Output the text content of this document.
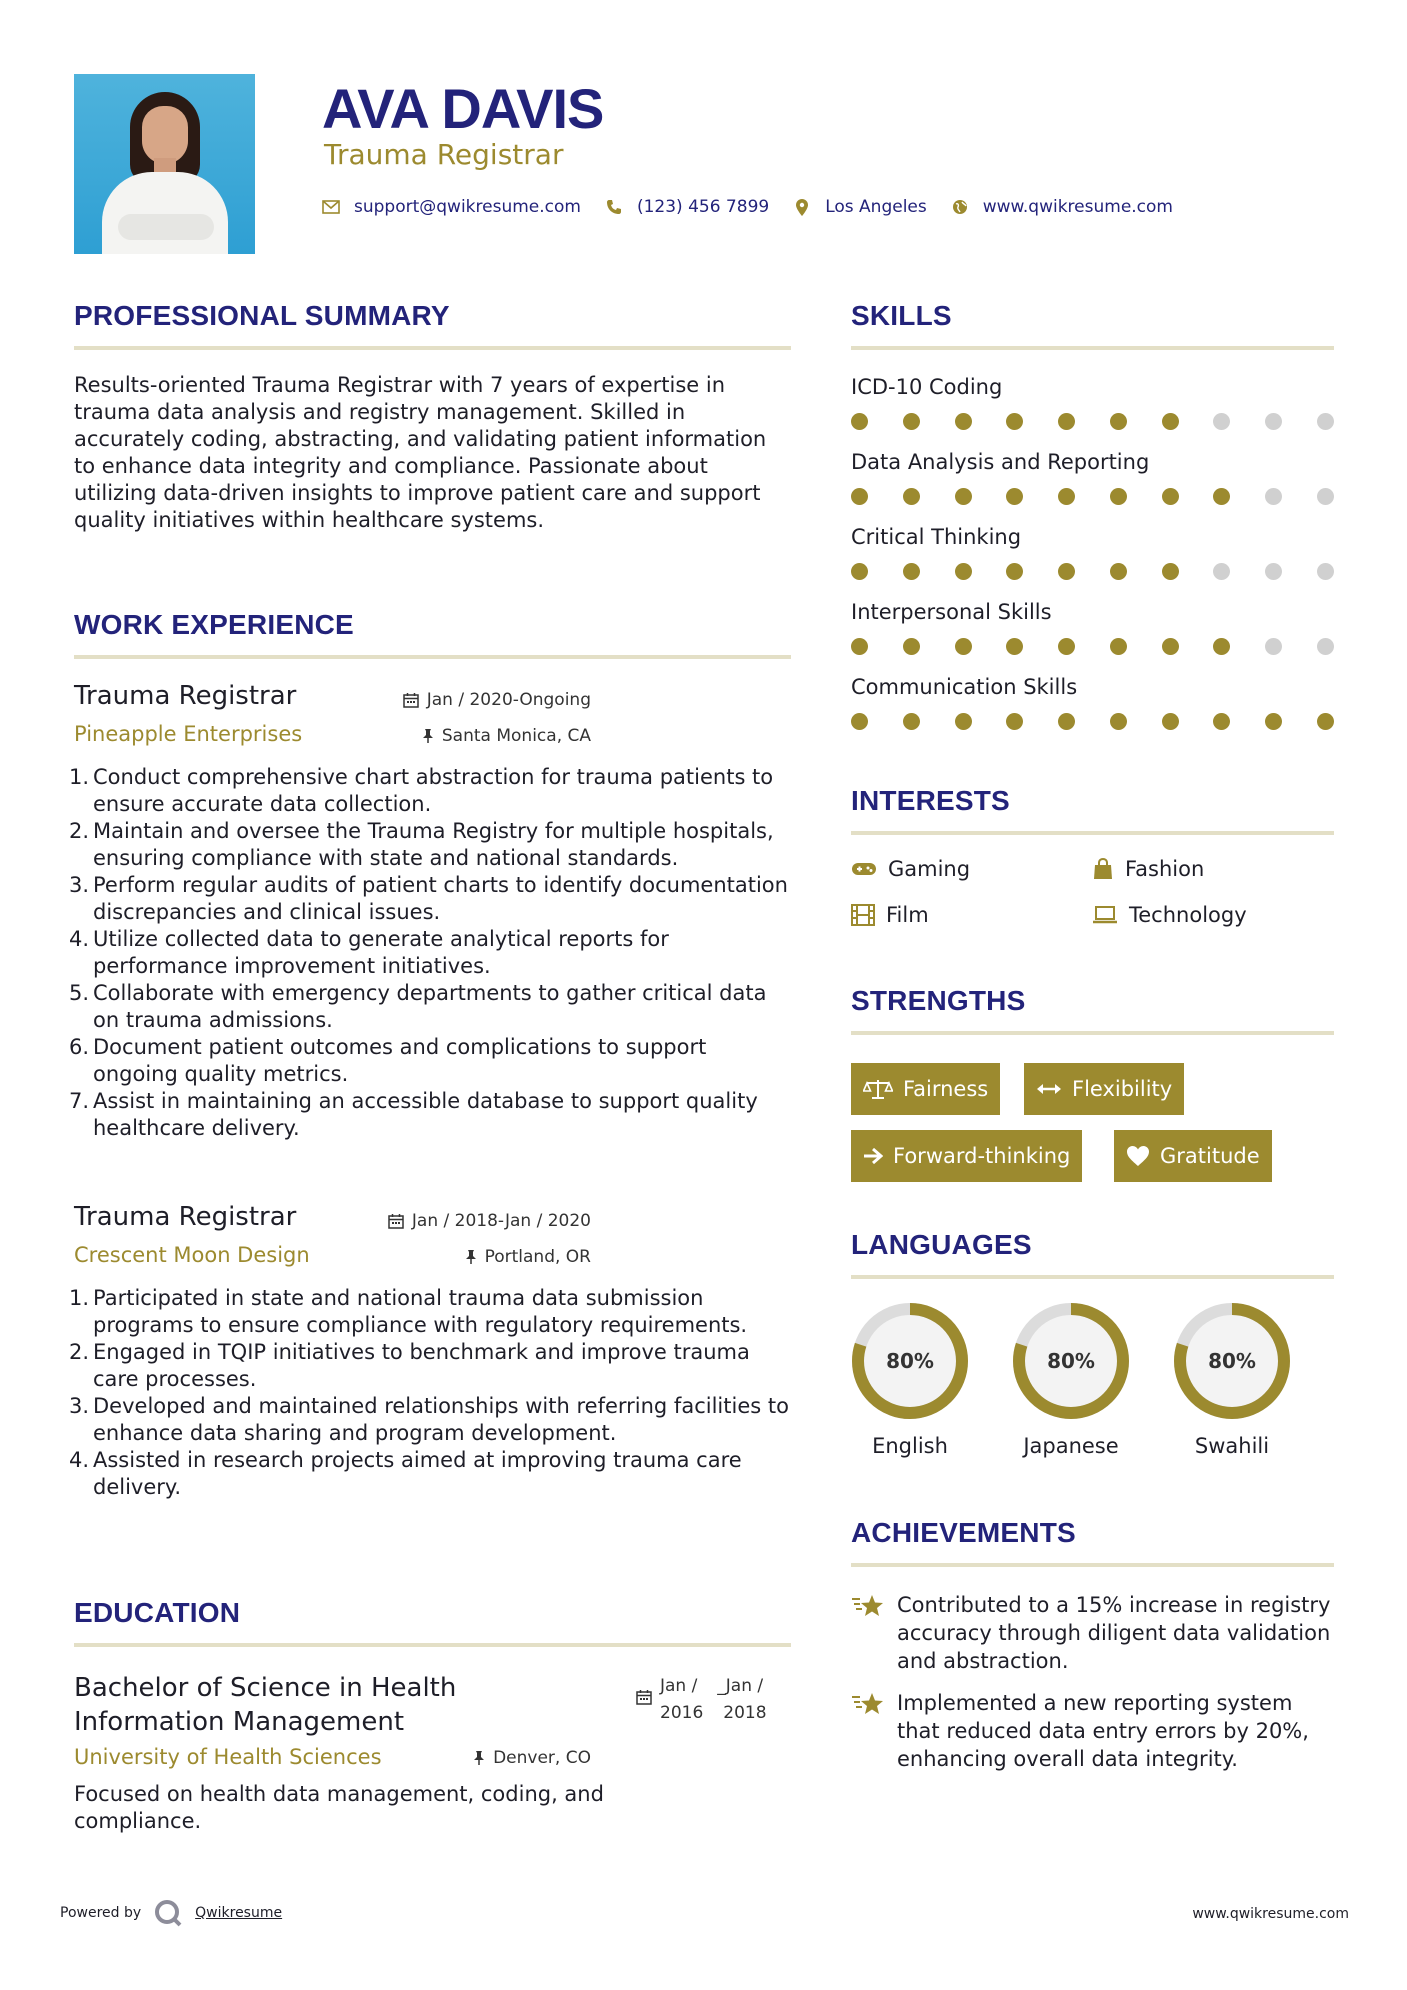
AVA DAVIS
Trauma Registrar
support@qwikresume.com	(123) 456 7899	Los Angeles	www.qwikresume.com
PROFESSIONAL SUMMARY
Results-oriented Trauma Registrar with 7 years of expertise in trauma data analysis and registry management. Skilled in accurately coding, abstracting, and validating patient information to enhance data integrity and compliance. Passionate about utilizing data-driven insights to improve patient care and support quality initiatives within healthcare systems.
WORK EXPERIENCE
Trauma Registrar	Jan / 2020-Ongoing
Pineapple Enterprises	Santa Monica, CA
1. Conduct comprehensive chart abstraction for trauma patients to ensure accurate data collection.
2. Maintain and oversee the Trauma Registry for multiple hospitals, ensuring compliance with state and national standards.
3. Perform regular audits of patient charts to identify documentation discrepancies and clinical issues.
4. Utilize collected data to generate analytical reports for performance improvement initiatives.
5. Collaborate with emergency departments to gather critical data on trauma admissions.
6. Document patient outcomes and complications to support ongoing quality metrics.
7. Assist in maintaining an accessible database to support quality healthcare delivery.
Trauma Registrar	Jan / 2018-Jan / 2020
Crescent Moon Design	Portland, OR
1. Participated in state and national trauma data submission programs to ensure compliance with regulatory requirements.
2. Engaged in TQIP initiatives to benchmark and improve trauma care processes.
3. Developed and maintained relationships with referring facilities to enhance data sharing and program development.
4. Assisted in research projects aimed at improving trauma care delivery.
EDUCATION
Bachelor of Science in Health
Information Management
Jan /
2016
_Jan /
2018
University of Health Sciences	Denver, CO
Focused on health data management, coding, and compliance.
SKILLS
ICD-10 Coding
Data Analysis and Reporting
Critical Thinking
Interpersonal Skills
Communication Skills
INTERESTS
Gaming	Fashion
Film	Technology
STRENGTHS
Fairness	Flexibility
Forward-thinking	Gratitude
LANGUAGES
80%
English
80%
Japanese
80%
Swahili
ACHIEVEMENTS
Contributed to a 15% increase in registry accuracy through diligent data validation and abstraction.
Implemented a new reporting system that reduced data entry errors by 20%, enhancing overall data integrity.
Powered by	Qwikresume	www.qwikresume.com
